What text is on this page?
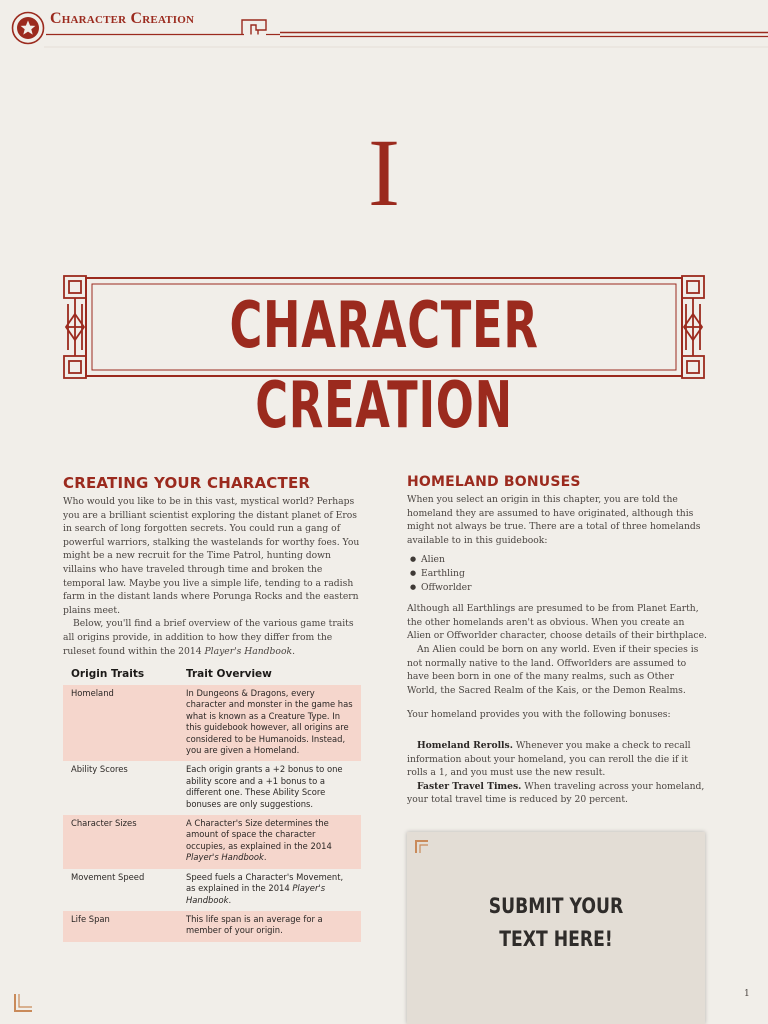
Character Creation
I
CHARACTER CREATION
CREATING YOUR CHARACTER

Who would you like to be in this vast, mystical world? Perhaps you are a brilliant scientist exploring the distant planet of Eros in search of long forgotten secrets. You could run a gang of powerful warriors, stalking the wastelands for worthy foes. You might be a new recruit for the Time Patrol, hunting down villains who have traveled through time and broken the temporal law. Maybe you live a simple life, tending to a radish farm in the distant lands where Porunga Rocks and the eastern plains meet.

Below, you'll find a brief overview of the various game traits all origins provide, in addition to how they differ from the ruleset found within the 2014 Player's Handbook.

Origin Traits	Trait Overview
Homeland	In Dungeons & Dragons, every character and monster in the game has what is known as a Creature Type. In this guidebook however, all origins are considered to be Humanoids. Instead, you are given a Homeland.
Ability Scores	Each origin grants a +2 bonus to one ability score and a +1 bonus to a different one. These Ability Score bonuses are only suggestions.
Character Sizes	A Character's Size determines the amount of space the character occupies, as explained in the 2014 Player's Handbook.
Movement Speed	Speed fuels a Character's Movement, as explained in the 2014 Player's Handbook.
Life Span	This life span is an average for a member of your origin.
HOMELAND BONUSES

When you select an origin in this chapter, you are told the homeland they are assumed to have originated, although this might not always be true. There are a total of three homelands available to in this guidebook:

● Alien
● Earthling
● Offworlder

Although all Earthlings are presumed to be from Planet Earth, the other homelands aren't as obvious. When you create an Alien or Offworlder character, choose details of their birthplace.

An Alien could be born on any world. Even if their species is not normally native to the land. Offworlders are assumed to have been born in one of the many realms, such as Other World, the Sacred Realm of the Kais, or the Demon Realms.

Your homeland provides you with the following bonuses:

Homeland Rerolls. Whenever you make a check to recall information about your homeland, you can reroll the die if it rolls a 1, and you must use the new result.

Faster Travel Times. When traveling across your homeland, your total travel time is reduced by 20 percent.

SUBMIT YOUR
TEXT HERE!
1
